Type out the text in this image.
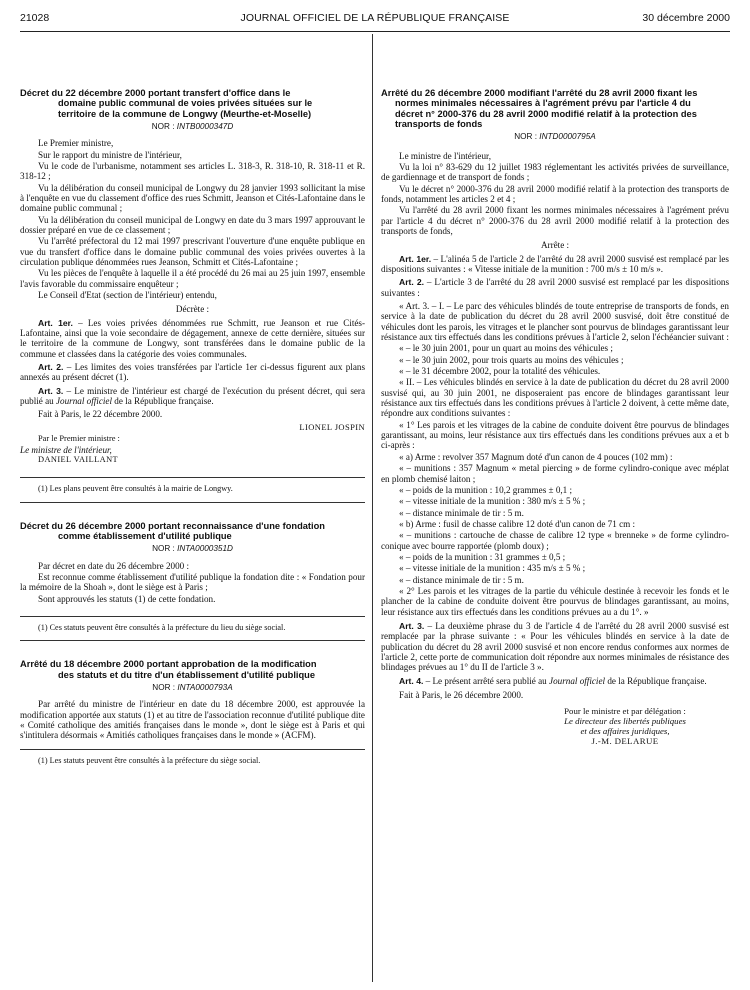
21028	JOURNAL OFFICIEL DE LA RÉPUBLIQUE FRANÇAISE	30 décembre 2000

Décret du 22 décembre 2000 portant transfert d'office dans le domaine public communal de voies privées situées sur le territoire de la commune de Longwy (Meurthe-et-Moselle)

NOR : INTB0000347D

Le Premier ministre,

Sur le rapport du ministre de l'intérieur,

Vu le code de l'urbanisme, notamment ses articles L. 318-3, R. 318-10, R. 318-11 et R. 318-12 ;

Vu la délibération du conseil municipal de Longwy du 28 janvier 1993 sollicitant la mise à l'enquête en vue du classement d'office des rues Schmitt, Jeanson et Cités-Lafontaine dans le domaine public communal ;

Vu la délibération du conseil municipal de Longwy en date du 3 mars 1997 approuvant le dossier préparé en vue de ce classement ;

Vu l'arrêté préfectoral du 12 mai 1997 prescrivant l'ouverture d'une enquête publique en vue du transfert d'office dans le domaine public communal des voies privées ouvertes à la circulation publique dénommées rues Jeanson, Schmitt et Cités-Lafontaine ;

Vu les pièces de l'enquête à laquelle il a été procédé du 26 mai au 25 juin 1997, ensemble l'avis favorable du commissaire enquêteur ;

Le Conseil d'Etat (section de l'intérieur) entendu,

Décrète :

Art. 1er. – Les voies privées dénommées rue Schmitt, rue Jeanson et rue Cités-Lafontaine, ainsi que la voie secondaire de dégagement, annexe de cette dernière, situées sur le territoire de la commune de Longwy, sont transférées dans le domaine public de la commune et classées dans la catégorie des voies communales.

Art. 2. – Les limites des voies transférées par l'article 1er ci-dessus figurent aux plans annexés au présent décret (1).

Art. 3. – Le ministre de l'intérieur est chargé de l'exécution du présent décret, qui sera publié au Journal officiel de la République française.

Fait à Paris, le 22 décembre 2000.

LIONEL JOSPIN
Par le Premier ministre :
Le ministre de l'intérieur,
DANIEL VAILLANT

(1) Les plans peuvent être consultés à la mairie de Longwy.

Décret du 26 décembre 2000 portant reconnaissance d'une fondation comme établissement d'utilité publique

NOR : INTA0000351D

Par décret en date du 26 décembre 2000 :

Est reconnue comme établissement d'utilité publique la fondation dite : « Fondation pour la mémoire de la Shoah », dont le siège est à Paris ;

Sont approuvés les statuts (1) de cette fondation.

(1) Ces statuts peuvent être consultés à la préfecture du lieu du siège social.

Arrêté du 18 décembre 2000 portant approbation de la modification des statuts et du titre d'un établissement d'utilité publique

NOR : INTA0000793A

Par arrêté du ministre de l'intérieur en date du 18 décembre 2000, est approuvée la modification apportée aux statuts (1) et au titre de l'association reconnue d'utilité publique dite « Comité catholique des amitiés françaises dans le monde », dont le siège est à Paris et qui s'intitulera désormais « Amitiés catholiques françaises dans le monde » (ACFM).

(1) Les statuts peuvent être consultés à la préfecture du siège social.

Arrêté du 26 décembre 2000 modifiant l'arrêté du 28 avril 2000 fixant les normes minimales nécessaires à l'agrément prévu par l'article 4 du décret n° 2000-376 du 28 avril 2000 modifié relatif à la protection des transports de fonds

NOR : INTD0000795A

Le ministre de l'intérieur,

Vu la loi n° 83-629 du 12 juillet 1983 réglementant les activités privées de surveillance, de gardiennage et de transport de fonds ;

Vu le décret n° 2000-376 du 28 avril 2000 modifié relatif à la protection des transports de fonds, notamment les articles 2 et 4 ;

Vu l'arrêté du 28 avril 2000 fixant les normes minimales nécessaires à l'agrément prévu par l'article 4 du décret n° 2000-376 du 28 avril 2000 modifié relatif à la protection des transports de fonds,

Arrête :

Art. 1er. – L'alinéa 5 de l'article 2 de l'arrêté du 28 avril 2000 susvisé est remplacé par les dispositions suivantes : « Vitesse initiale de la munition : 700 m/s ± 10 m/s ».

Art. 2. – L'article 3 de l'arrêté du 28 avril 2000 susvisé est remplacé par les dispositions suivantes :

« Art. 3. – I. – Le parc des véhicules blindés de toute entreprise de transports de fonds, en service à la date de publication du décret du 28 avril 2000 susvisé, doit être constitué de véhicules dont les parois, les vitrages et le plancher sont pourvus de blindages garantissant leur résistance aux tirs effectués dans les conditions prévues à l'article 2, selon l'échéancier suivant :

« – le 30 juin 2001, pour un quart au moins des véhicules ;

« – le 30 juin 2002, pour trois quarts au moins des véhicules ;

« – le 31 décembre 2002, pour la totalité des véhicules.

« II. – Les véhicules blindés en service à la date de publication du décret du 28 avril 2000 susvisé qui, au 30 juin 2001, ne disposeraient pas encore de blindages garantissant leur résistance aux tirs effectués dans les conditions prévues à l'article 2 doivent, à cette même date, répondre aux conditions suivantes :

« 1° Les parois et les vitrages de la cabine de conduite doivent être pourvus de blindages garantissant, au moins, leur résistance aux tirs effectués dans les conditions prévues aux a et b ci-après :

« a) Arme : revolver 357 Magnum doté d'un canon de 4 pouces (102 mm) :

« – munitions : 357 Magnum « metal piercing » de forme cylindro-conique avec méplat en plomb chemisé laiton ;

« – poids de la munition : 10,2 grammes ± 0,1 ;

« – vitesse initiale de la munition : 380 m/s ± 5 % ;

« – distance minimale de tir : 5 m.

« b) Arme : fusil de chasse calibre 12 doté d'un canon de 71 cm :

« – munitions : cartouche de chasse de calibre 12 type « brenneke » de forme cylindro-conique avec bourre rapportée (plomb doux) ;

« – poids de la munition : 31 grammes ± 0,5 ;

« – vitesse initiale de la munition : 435 m/s ± 5 % ;

« – distance minimale de tir : 5 m.

« 2° Les parois et les vitrages de la partie du véhicule destinée à recevoir les fonds et le plancher de la cabine de conduite doivent être pourvus de blindages garantissant, au moins, leur résistance aux tirs effectués dans les conditions prévues au a du 1°. »

Art. 3. – La deuxième phrase du 3 de l'article 4 de l'arrêté du 28 avril 2000 susvisé est remplacée par la phrase suivante : « Pour les véhicules blindés en service à la date de publication du décret du 28 avril 2000 susvisé et non encore rendus conformes aux normes de l'article 2, cette porte de communication doit répondre aux normes minimales de résistance des blindages prévues au 1° du II de l'article 3 ».

Art. 4. – Le présent arrêté sera publié au Journal officiel de la République française.

Fait à Paris, le 26 décembre 2000.

Pour le ministre et par délégation :
Le directeur des libertés publiques
et des affaires juridiques,
J.-M. DELARUE
